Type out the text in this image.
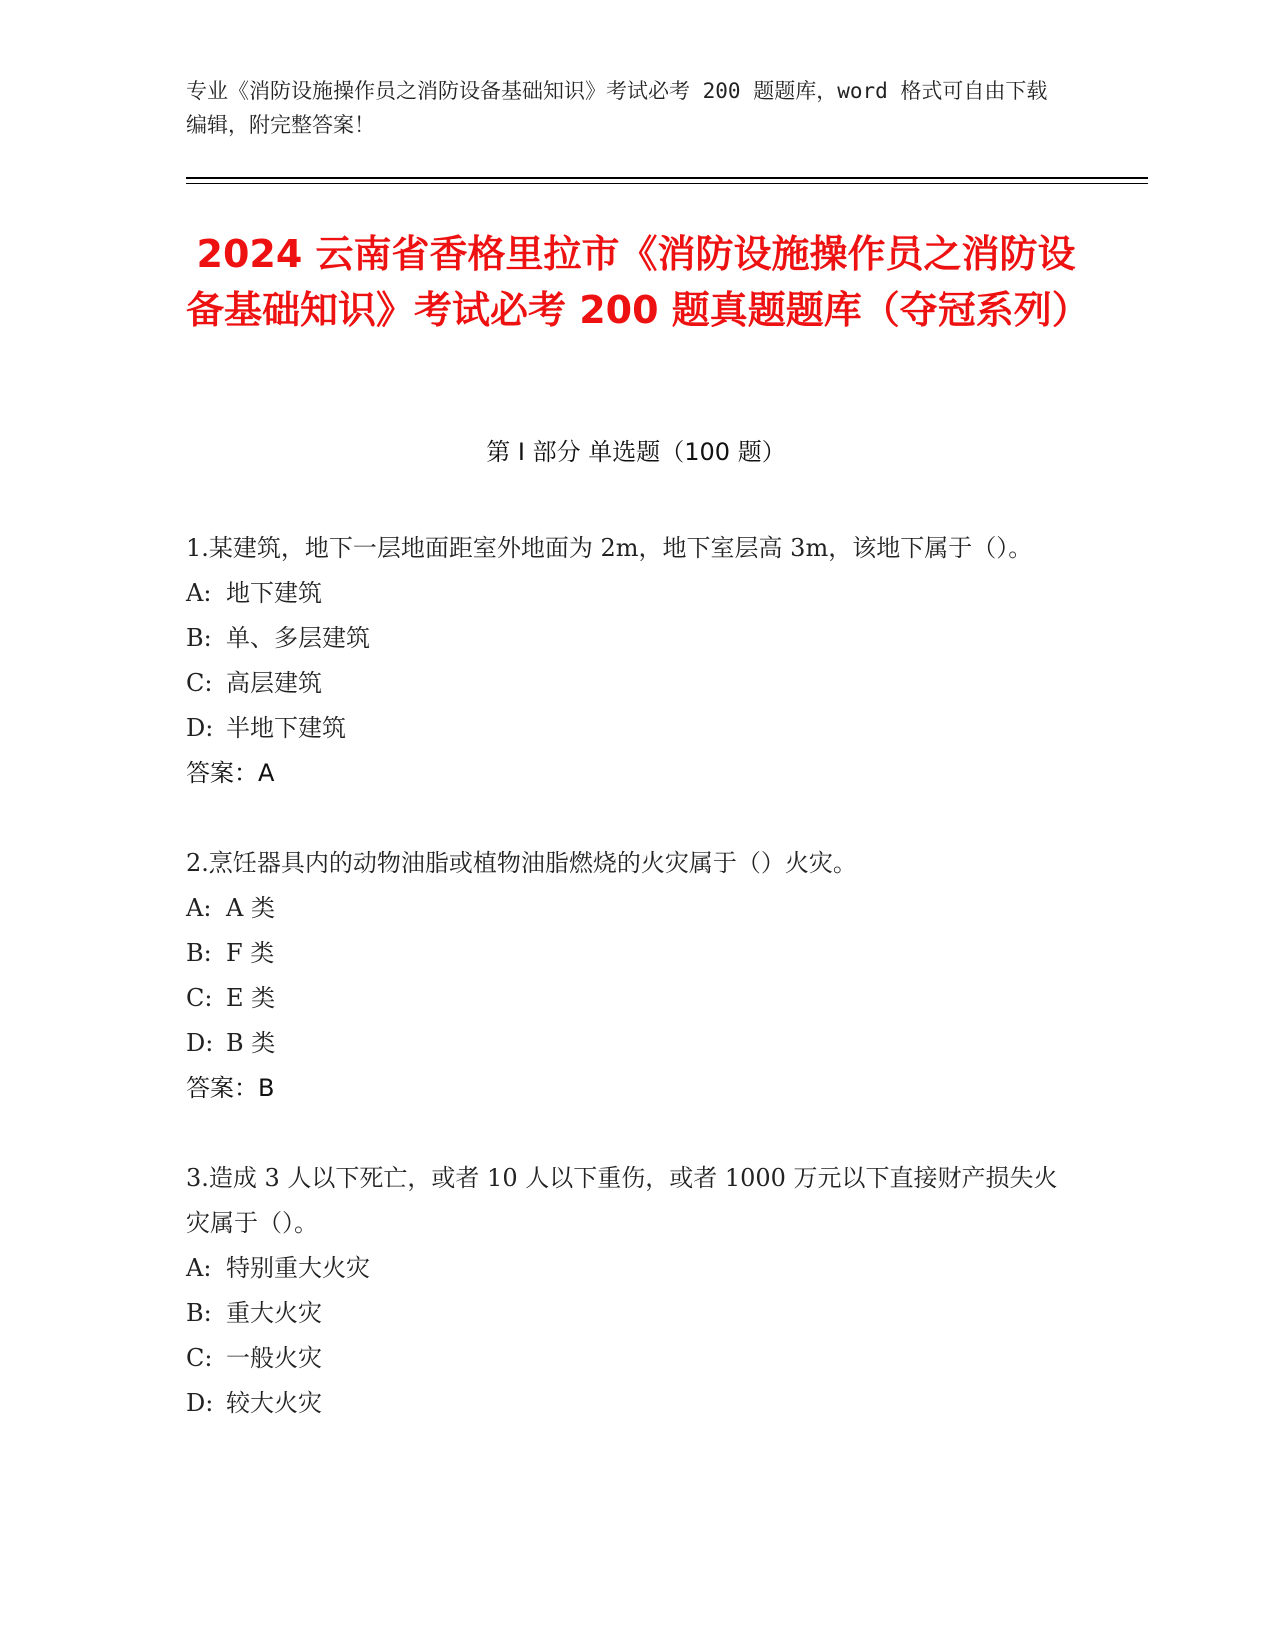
专业《消防设施操作员之消防设备基础知识》考试必考 200 题题库，word 格式可自由下载编辑，附完整答案！
2024 云南省香格里拉市《消防设施操作员之消防设备基础知识》考试必考 200 题真题题库（夺冠系列）
第 I 部分 单选题（100 题）

1.某建筑，地下一层地面距室外地面为 2m，地下室层高 3m，该地下属于（）。

A: 地下建筑

B: 单、多层建筑

C: 高层建筑

D: 半地下建筑

答案：A

2.烹饪器具内的动物油脂或植物油脂燃烧的火灾属于（）火灾。

A: A 类

B: F 类

C: E 类

D: B 类

答案：B

3.造成 3 人以下死亡，或者 10 人以下重伤，或者 1000 万元以下直接财产损失火灾属于（）。

A: 特别重大火灾

B: 重大火灾

C: 一般火灾

D: 较大火灾
